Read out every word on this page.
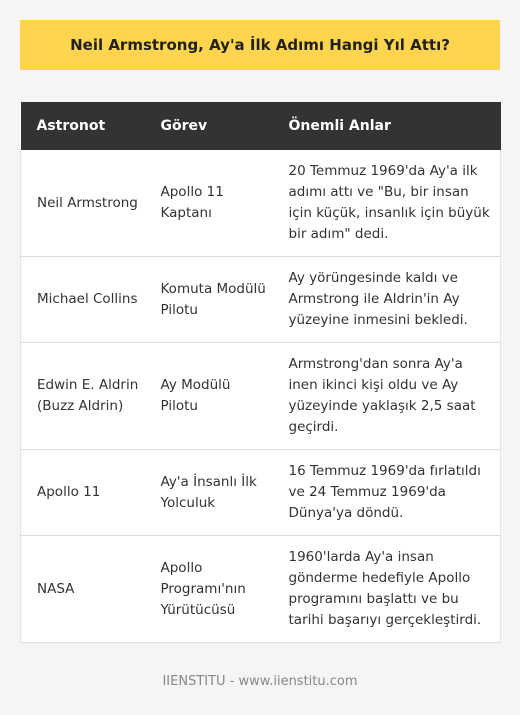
Neil Armstrong, Ay'a İlk Adımı Hangi Yıl Attı?
Astronot	Görev	Önemli Anlar
Neil Armstrong	Apollo 11 Kaptanı	20 Temmuz 1969'da Ay'a ilk adımı attı ve "Bu, bir insan için küçük, insanlık için büyük bir adım" dedi.
Michael Collins	Komuta Modülü Pilotu	Ay yörüngesinde kaldı ve Armstrong ile Aldrin'in Ay yüzeyine inmesini bekledi.
Edwin E. Aldrin (Buzz Aldrin)	Ay Modülü Pilotu	Armstrong'dan sonra Ay'a inen ikinci kişi oldu ve Ay yüzeyinde yaklaşık 2,5 saat geçirdi.
Apollo 11	Ay'a İnsanlı İlk Yolculuk	16 Temmuz 1969'da fırlatıldı ve 24 Temmuz 1969'da Dünya'ya döndü.
NASA	Apollo Programı'nın Yürütücüsü	1960'larda Ay'a insan gönderme hedefiyle Apollo programını başlattı ve bu tarihi başarıyı gerçekleştirdi.
IIENSTITU - www.iienstitu.com
